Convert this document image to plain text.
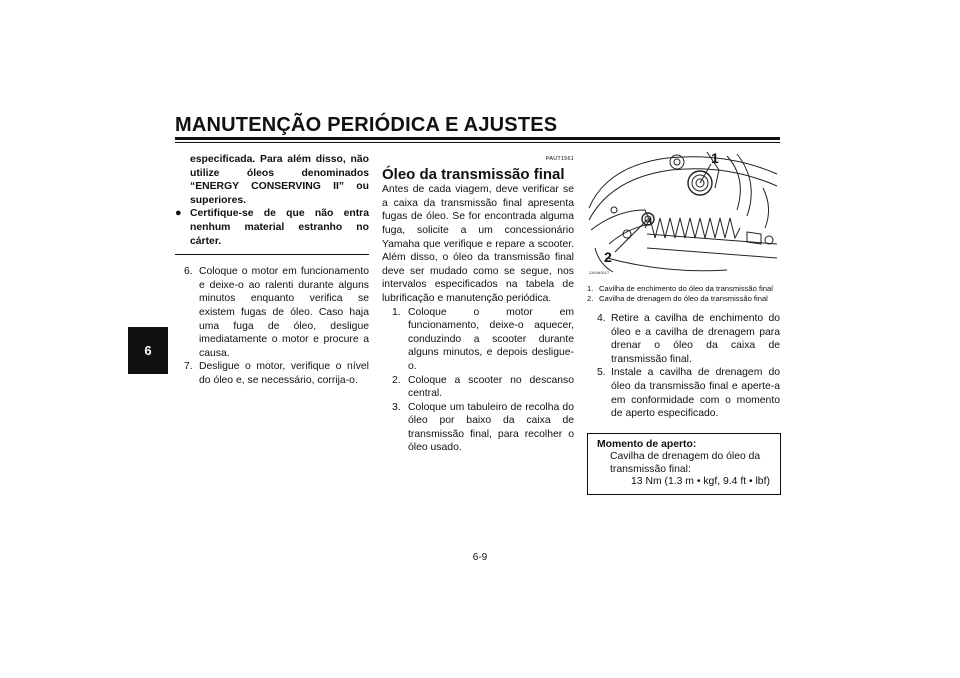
MANUTENÇÃO PERIÓDICA E AJUSTES
6
especificada. Para além disso, não utilize óleos denominados “ENERGY CONSERVING II” ou superiores.
● Certifique-se de que não entra nenhum material estranho no cárter.
6. Coloque o motor em funcionamento e deixe-o ao ralenti durante alguns minutos enquanto verifica se existem fugas de óleo. Caso haja uma fuga de óleo, desligue imediatamente o motor e procure a causa.
7. Desligue o motor, verifique o nível do óleo e, se necessário, corrija-o.
PAUT1561
Óleo da transmissão final
Antes de cada viagem, deve verificar se a caixa da transmissão final apresenta fugas de óleo. Se for encontrada alguma fuga, solicite a um concessionário Yamaha que verifique e repare a scooter. Além disso, o óleo da transmissão final deve ser mudado como se segue, nos intervalos especificados na tabela de lubrificação e manutenção periódica.
1. Coloque o motor em funcionamento, deixe-o aquecer, conduzindo a scooter durante alguns minutos, e depois desligue-o.
2. Coloque a scooter no descanso central.
3. Coloque um tabuleiro de recolha do óleo por baixo da caixa de transmissão final, para recolher o óleo usado.
1
2
ZAUM0017
1. Cavilha de enchimento do óleo da transmissão final
2. Cavilha de drenagem do óleo da transmissão final
4. Retire a cavilha de enchimento do óleo e a cavilha de drenagem para drenar o óleo da caixa de transmissão final.
5. Instale a cavilha de drenagem do óleo da transmissão final e aperte-a em conformidade com o momento de aperto especificado.
Momento de aperto:
Cavilha de drenagem do óleo da transmissão final:
13 Nm (1.3 m • kgf, 9.4 ft • lbf)
6-9
